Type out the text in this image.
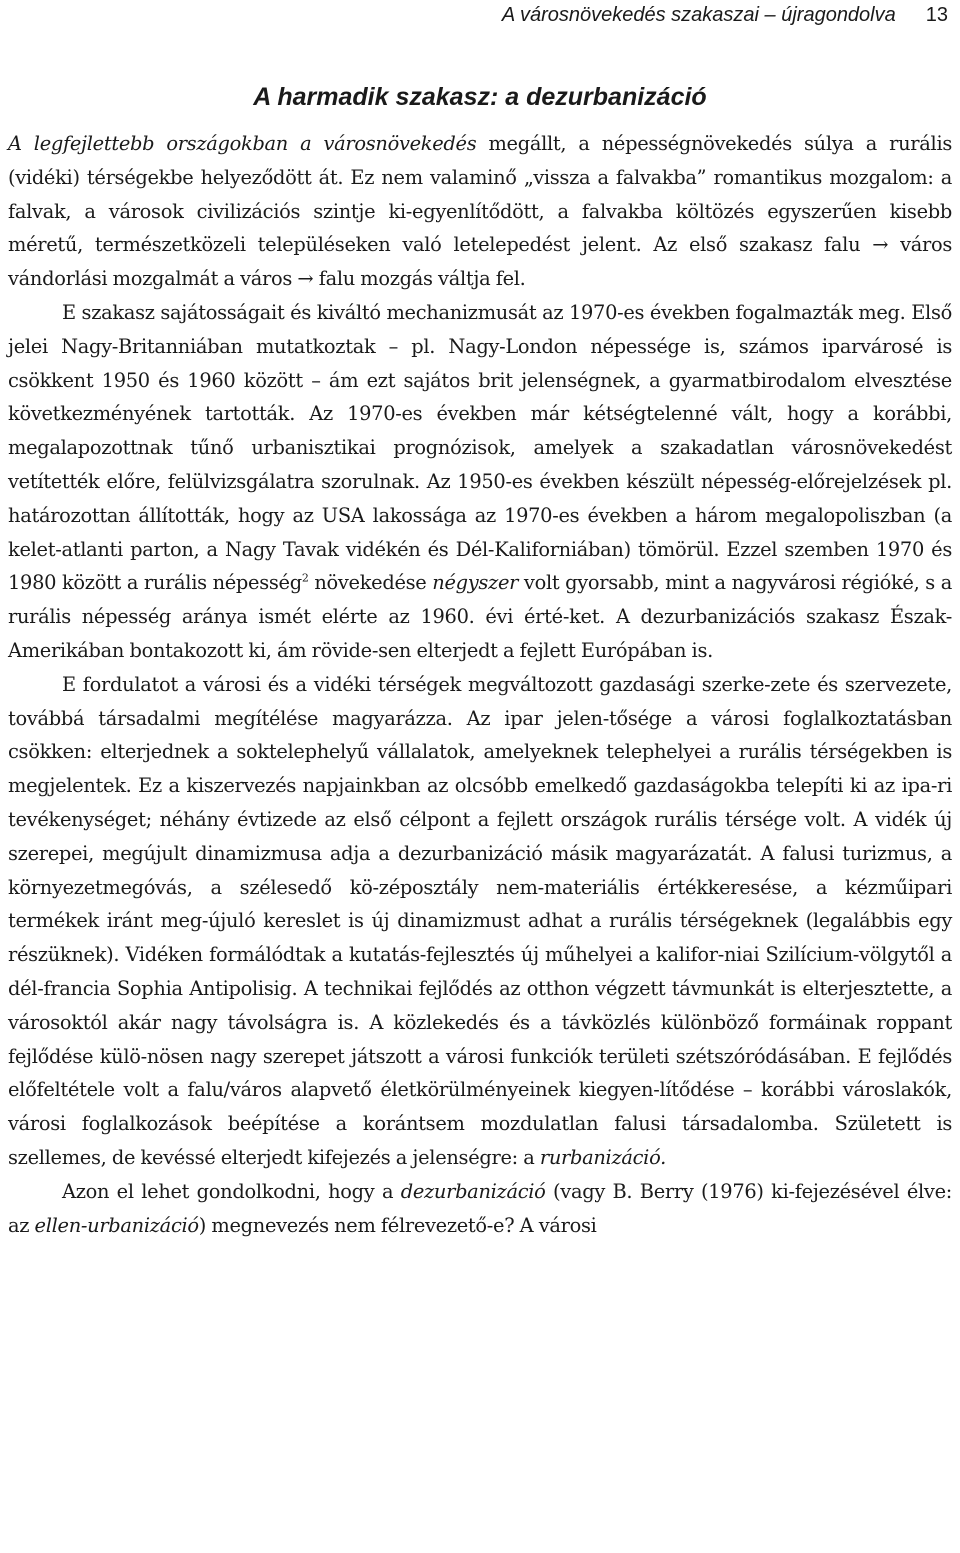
A városnövekedés szakaszai – újragondolva 13
A harmadik szakasz: a dezurbanizáció

A legfejlettebb országokban a városnövekedés megállt, a népességnövekedés súlya a rurális (vidéki) térségekbe helyeződött át. Ez nem valaminő „vissza a falvakba” romantikus mozgalom: a falvak, a városok civilizációs szintje ki-egyenlítődött, a falvakba költözés egyszerűen kisebb méretű, természetközeli településeken való letelepedést jelent. Az első szakasz falu → város vándorlási mozgalmát a város → falu mozgás váltja fel.

E szakasz sajátosságait és kiváltó mechanizmusát az 1970-es években fogalmazták meg. Első jelei Nagy-Britanniában mutatkoztak – pl. Nagy-London népessége is, számos iparvárosé is csökkent 1950 és 1960 között – ám ezt sajátos brit jelenségnek, a gyarmatbirodalom elvesztése következményének tartották. Az 1970-es években már kétségtelenné vált, hogy a korábbi, megalapozottnak tűnő urbanisztikai prognózisok, amelyek a szakadatlan városnövekedést vetítették előre, felülvizsgálatra szorulnak. Az 1950-es években készült népesség-előrejelzések pl. határozottan állították, hogy az USA lakossága az 1970-es években a három megalopoliszban (a kelet-atlanti parton, a Nagy Tavak vidékén és Dél-Kaliforniában) tömörül. Ezzel szemben 1970 és 1980 között a rurális népesség$^2$ növekedése négyszer volt gyorsabb, mint a nagyvárosi régióké, s a rurális népesség aránya ismét elérte az 1960. évi érté-ket. A dezurbanizációs szakasz Észak-Amerikában bontakozott ki, ám rövide-sen elterjedt a fejlett Európában is.

E fordulatot a városi és a vidéki térségek megváltozott gazdasági szerke-zete és szervezete, továbbá társadalmi megítélése magyarázza. Az ipar jelen-tősége a városi foglalkoztatásban csökken: elterjednek a soktelephelyű vállalatok, amelyeknek telephelyei a rurális térségekben is megjelentek. Ez a kiszervezés napjainkban az olcsóbb emelkedő gazdaságokba telepíti ki az ipa-ri tevékenységet; néhány évtizede az első célpont a fejlett országok rurális térsége volt. A vidék új szerepei, megújult dinamizmusa adja a dezurbanizáció másik magyarázatát. A falusi turizmus, a környezetmegóvás, a szélesedő kö-zéposztály nem-materiális értékkeresése, a kézműipari termékek iránt meg-újuló kereslet is új dinamizmust adhat a rurális térségeknek (legalábbis egy részüknek). Vidéken formálódtak a kutatás-fejlesztés új műhelyei a kalifor-niai Szilícium-völgytől a dél-francia Sophia Antipolisig. A technikai fejlődés az otthon végzett távmunkát is elterjesztette, a városoktól akár nagy távolságra is. A közlekedés és a távközlés különböző formáinak roppant fejlődése külö-nösen nagy szerepet játszott a városi funkciók területi szétszóródásában. E fejlődés előfeltétele volt a falu/város alapvető életkörülményeinek kiegyen-lítődése – korábbi városlakók, városi foglalkozások beépítése a korántsem mozdulatlan falusi társadalomba. Született is szellemes, de kevéssé elterjedt kifejezés a jelenségre: a rurbanizáció.

Azon el lehet gondolkodni, hogy a dezurbanizáció (vagy B. Berry (1976) ki-fejezésével élve: az ellen-urbanizáció) megnevezés nem félrevezető-e? A városi
